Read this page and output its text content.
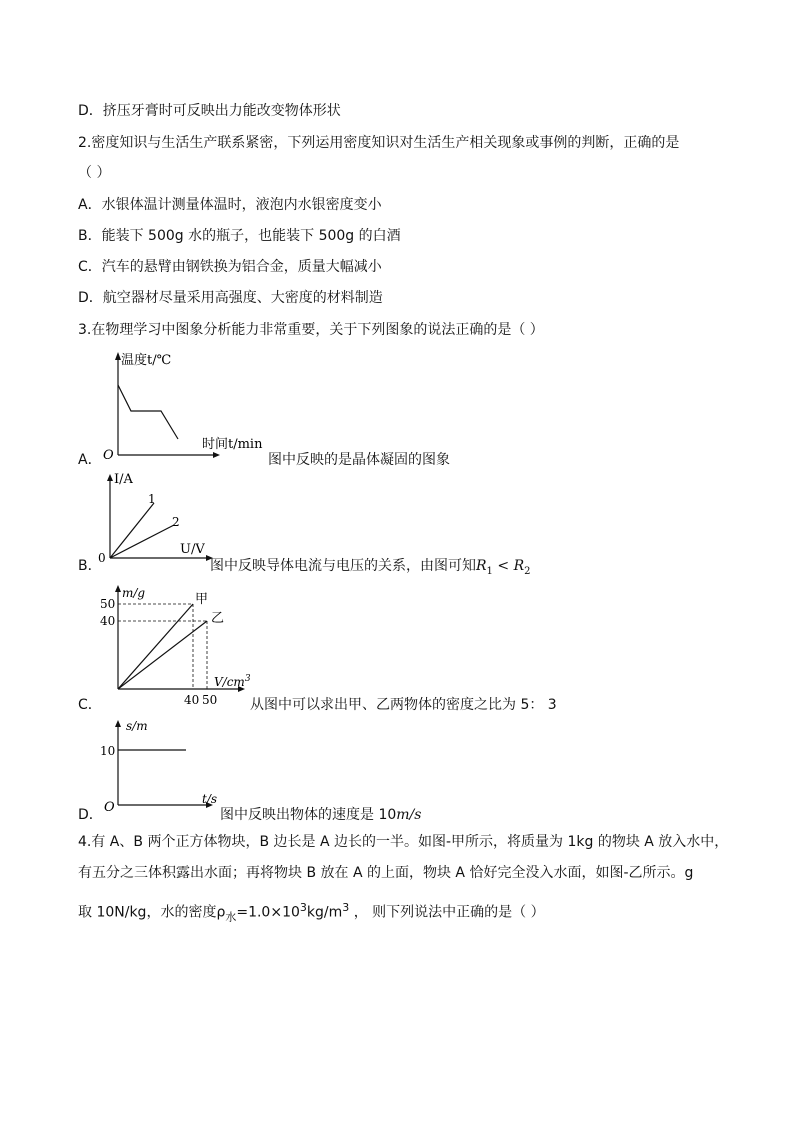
D．挤压牙膏时可反映出力能改变物体形状
2.密度知识与生活生产联系紧密，下列运用密度知识对生活生产相关现象或事例的判断，正确的是
（ ）
A．水银体温计测量体温时，液泡内水银密度变小
B．能装下 500g 水的瓶子，也能装下 500g 的白酒
C．汽车的悬臂由钢铁换为铝合金，质量大幅减小
D．航空器材尽量采用高强度、大密度的材料制造
3.在物理学习中图象分析能力非常重要，关于下列图象的说法正确的是（ ）
A．
温度t/℃
时间t/min
O	图中反映的是晶体凝固的图象
B．
I/A
U/V
0
1
2
图中反映导体电流与电压的关系，由图可知$R_1 < R_2$
C．
m/g
50
40
40 50
甲
乙
$V/cm^3$
从图中可以求出甲、乙两物体的密度之比为 5： 3
D．
s/m
10
O
t/s
图中反映出物体的速度是 10m/s
4.有 A、B 两个正方体物块，B 边长是 A 边长的一半。如图-甲所示，将质量为 1kg 的物块 A 放入水中，
有五分之三体积露出水面；再将物块 B 放在 A 的上面，物块 A 恰好完全没入水面，如图-乙所示。g
取 10N/kg，水的密度$\rho_水=1.0\times 10^3kg/m^3$ ， 则下列说法中正确的是（ ）
